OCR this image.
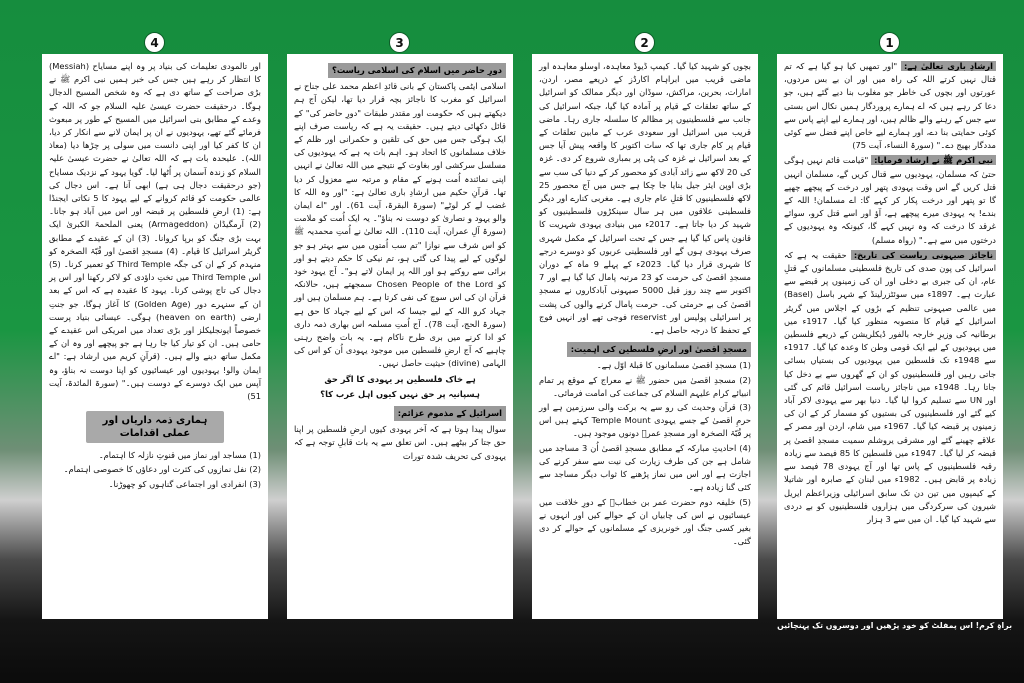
1
2
3
4

ارشادِ باری تعالیٰ ہے: "اور تمھیں کیا ہو گیا ہے کہ تم قتال نہیں کرتے اللہ کی راہ میں اور ان بے بس مردوں، عورتوں اور بچوں کی خاطر جو مغلوب بنا دیے گئے ہیں، جو دعا کر رہے ہیں کہ اے ہمارے پروردگار ہمیں نکال اس بستی سے جس کے رہنے والے ظالم ہیں، اور ہمارے لیے اپنے پاس سے کوئی حمایتی بنا دے، اور ہمارے لیے خاص اپنے فضل سے کوئی مددگار بھیج دے۔" (سورۃ النساء، آیت 75)

نبی اکرم ﷺ نے ارشاد فرمایا: "قیامت قائم نہیں ہوگی حتیٰ کہ مسلمان، یہودیوں سے قتال کریں گے، مسلمان انہیں قتل کریں گے اس وقت یہودی پتھر اور درخت کے پیچھے چھپے گا تو پتھر اور درخت پکار کر کہے گا: اے مسلمان! اللہ کے بندے! یہ یہودی میرے پیچھے ہے، آؤ اور اسے قتل کرو، سوائے غرقد کا درخت کہ وہ نہیں کہے گا، کیونکہ وہ یہودیوں کے درختوں میں سے ہے۔" (رواہ مسلم)

ناجائز صیہونی ریاست کی تاریخ: حقیقت یہ ہے کہ اسرائیل کی پون صدی کی تاریخ فلسطینی مسلمانوں کے قتلِ عام، ان کی جبری بے دخلی اور ان کی زمینوں پر قبضے سے عبارت ہے۔ 1897ء میں سوئٹزرلینڈ کے شہر باسل (Basel) میں عالمی صیہونی تنظیم کے بڑوں کے اجلاس میں گریٹر اسرائیل کے قیام کا منصوبہ منظور کیا گیا۔ 1917ء میں برطانیہ کی وزیرِ خارجہ بالفور ڈیکلریشن کے ذریعے فلسطین میں یہودیوں کے لیے ایک قومی وطن کا وعدہ کیا گیا۔ 1917ء سے 1948ء تک فلسطین میں یہودیوں کی بستیاں بسائی جاتی رہیں اور فلسطینیوں کو ان کے گھروں سے بے دخل کیا جاتا رہا۔ 1948ء میں ناجائز ریاست اسرائیل قائم کی گئی اور UN سے تسلیم کروا لیا گیا۔ دنیا بھر سے یہودی لاکر آباد کیے گئے اور فلسطینیوں کی بستیوں کو مسمار کر کے ان کی زمینوں پر قبضہ کیا گیا۔ 1967ء میں شام، اردن اور مصر کے علاقے چھینے گئے اور مشرقی یروشلم سمیت مسجدِ اقصیٰ پر قبضہ کر لیا گیا۔ 1947ء میں فلسطین کا 85 فیصد سے زیادہ رقبہ فلسطینیوں کے پاس تھا اور آج یہودی 78 فیصد سے زیادہ پر قابض ہیں۔ 1982ء میں لبنان کے صابرہ اور شاتیلا کے کیمپوں میں تین دن تک سابق اسرائیلی وزیراعظم ایریل شیرون کی سرکردگی میں ہزاروں فلسطینیوں کو بے دردی سے شہید کیا گیا۔ ان میں سے 3 ہزار

بچوں کو شہید کیا گیا۔ کیمپ ڈیوڈ معاہدہ، اوسلو معاہدہ اور ماضی قریب میں ابراہام اکارڈز کے ذریعے مصر، اردن، امارات، بحرین، مراکش، سوڈان اور دیگر ممالک کو اسرائیل کے ساتھ تعلقات کے قیام پر آمادہ کیا گیا، جبکہ اسرائیل کی جانب سے فلسطینیوں پر مظالم کا سلسلہ جاری رہا۔ ماضی قریب میں اسرائیل اور سعودی عرب کے مابین تعلقات کے قیام پر کام جاری تھا کہ سات اکتوبر کا واقعہ پیش آیا جس کے بعد اسرائیل نے غزہ کی پٹی پر بمباری شروع کر دی۔ غزہ کی 20 لاکھ سے زائد آبادی کو محصور کر کے دنیا کی سب سے بڑی اوپن ایئر جیل بنایا جا چکا ہے جس میں آج محصور 25 لاکھ فلسطینیوں کا قتلِ عام جاری ہے۔ مغربی کنارے اور دیگر فلسطینی علاقوں میں ہر سال سینکڑوں فلسطینیوں کو شہید کر دیا جاتا ہے۔ 2017ء میں بنیادی یہودی شہریت کا قانون پاس کیا گیا ہے جس کے تحت اسرائیل کے مکمل شہری صرف یہودی ہوں گے اور فلسطینی عربوں کو دوسرے درجے کا شہری قرار دیا گیا۔ 2023ء کے پہلے 9 ماہ کے دوران مسجدِ اقصیٰ کی حرمت کو 23 مرتبہ پامال کیا گیا ہے اور 7 اکتوبر سے چند روز قبل 5000 صیہونی آبادکاروں نے مسجدِ اقصیٰ کی بے حرمتی کی۔ حرمت پامال کرنے والوں کی پشت پر اسرائیلی پولیس اور reservist فوجی تھے اور انہیں فوج کے تحفظ کا درجہ حاصل ہے۔

مسجدِ اقصیٰ اور ارضِ فلسطین کی اہمیت:
(1) مسجدِ اقصیٰ مسلمانوں کا قبلۂ اوّل ہے۔
(2) مسجدِ اقصیٰ میں حضور ﷺ نے معراج کے موقع پر تمام انبیائے کرام علیہم السلام کی جماعت کی امامت فرمائی۔
(3) قرآن وحدیث کی رو سے یہ برکت والی سرزمین ہے اور حرمِ اقصیٰ کے جسے یہودی Temple Mount کہتے ہیں اس پر قُبّۃ الصخرہ اور مسجدِ عمرؓ دونوں موجود ہیں۔
(4) احادیثِ مبارکہ کے مطابق مسجدِ اقصیٰ اُن 3 مساجد میں شامل ہے جن کی طرف زیارت کی نیت سے سفر کرنے کی اجازت ہے اور اس میں نماز پڑھنے کا ثواب دیگر مساجد سے کئی گنا زیادہ ہے۔
(5) خلیفہ دوم حضرت عمر بن خطابؓ کے دورِ خلافت میں عیسائیوں نے اس کی چابیاں ان کے حوالے کیں اور انہوں نے بغیر کسی جنگ اور خونریزی کے مسلمانوں کے حوالے کر دی گئی۔
دورِ حاضر میں اسلام کی اسلامی ریاست؟

اسلامی ایٹمی پاکستان کے بانی قائدِ اعظم محمد علی جناح نے اسرائیل کو مغرب کا ناجائز بچہ قرار دیا تھا، لیکن آج ہم دیکھتے ہیں کہ حکومت اور مقتدر طبقات "دورِ حاضر کی" کے قائل دکھائی دیتے ہیں۔ حقیقت یہ ہے کہ ریاست صرف اپنے ایک ہوگی جس میں حق کی تلقین و حکمرانی اور ظلم کے خلاف مسلمانوں کا اتحاد ہو۔ اہم بات یہ ہے کہ یہودیوں کی مسلسل سرکشی اور بغاوت کے نتیجے میں اللہ تعالیٰ نے انہیں اپنی نمائندہ اُمت ہونے کے مقام و مرتبہ سے معزول کر دیا تھا۔ قرآنِ حکیم میں ارشادِ باری تعالیٰ ہے: "اور وہ اللہ کا غضب لے کر لوٹے" (سورۃ البقرۃ، آیت 61)۔ اور "اے ایمان والو یہود و نصاریٰ کو دوست نہ بناؤ"۔ یہ ایک اُمت کو ملامت (سورۃ آلِ عمران، آیت 110)۔ اللہ تعالیٰ نے اُمتِ محمدیہ ﷺ کو اس شرف سے نوازا "تم سب اُمتوں میں سے بہتر ہو جو لوگوں کے لیے پیدا کی گئی ہو، تم نیکی کا حکم دیتے ہو اور برائی سے روکتے ہو اور اللہ پر ایمان لاتے ہو"۔ آج یہود خود کو Chosen People of the Lord سمجھتے ہیں، حالانکہ قرآن ان کی اس سوچ کی نفی کرتا ہے۔ ہم مسلمان ہیں اور جہاد کرو اللہ کے لیے جیسا کہ اس کے لیے جہاد کا حق ہے (سورۃ الحج، آیت 78)۔ آج اُمتِ مسلمہ اس بھاری ذمہ داری کو ادا کرنے میں بری طرح ناکام ہے۔ یہ بات واضح رہنی چاہیے کہ آج ارضِ فلسطین میں موجود یہودی اُن کو اس کی الہامی (divine) حیثیت حاصل نہیں۔

ہے خاک فلسطین پر یہودی کا اگر حق

ہسپانیہ پر حق نہیں کیوں اہل عرب کا؟

اسرائیل کے مذموم عزائم:

سوال پیدا ہوتا ہے کہ آخر یہودی کیوں ارضِ فلسطین پر اپنا حق جتا کر بیٹھے ہیں۔ اس تعلق سے یہ بات قابلِ توجہ ہے کہ یہودی کی تحریف شدہ تورات

اور تالمودی تعلیمات کی بنیاد پر وہ اپنے مسایاح (Messiah) کا انتظار کر رہے ہیں جس کی خبر ہمیں نبی اکرم ﷺ نے بڑی صراحت کے ساتھ دی ہے کہ وہ شخص المسیح الدجال ہوگا۔ درحقیقت حضرت عیسیٰ علیہ السلام جو کہ اللہ کے وعدے کے مطابق بنی اسرائیل میں المسیح کے طور پر مبعوث فرمائے گئے تھے، یہودیوں نے ان پر ایمان لانے سے انکار کر دیا، ان کا کفر کیا اور اپنی دانست میں سولی پر چڑھا دیا (معاذ اللہ)۔ علیحدہ بات ہے کہ اللہ تعالیٰ نے حضرت عیسیٰ علیہ السلام کو زندہ آسمان پر اُٹھا لیا۔ گویا یہود کے نزدیک مسایاح (جو درحقیقت دجال ہی ہے) ابھی آنا ہے۔ اس دجال کی عالمی حکومت کو قائم کروانے کے لیے یہود کا 5 نکاتی ایجنڈا ہے: (1) ارضِ فلسطین پر قبضہ اور اس میں آباد ہو جانا۔ (2) آرمگیڈان (Armageddon) یعنی الملحمۃ الکبریٰ ایک بہت بڑی جنگ کو برپا کروانا۔ (3) ان کے عقیدے کے مطابق گریٹر اسرائیل کا قیام۔ (4) مسجدِ اقصیٰ اور قُبّۃ الصخرہ کو منہدم کر کے ان کی جگہ Third Temple کو تعمیر کرنا۔ (5) اس Third Temple میں تختِ داؤدی کو لاکر رکھنا اور اس پر دجال کی تاج پوشی کرنا۔ یہود کا عقیدہ ہے کہ اس کے بعد ان کے سنہرے دور (Golden Age) کا آغاز ہوگا، جو جنتِ ارضی (heaven on earth) ہوگی۔ عیسائی بنیاد پرست خصوصاً ایونجلیکلز اور بڑی تعداد میں امریکی اس عقیدے کے حامی ہیں۔ ان کو تیار کیا جا رہا ہے جو پیچھے اور وہ ان کے مکمل ساتھ دینے والے ہیں۔ (قرآنِ کریم میں ارشاد ہے: "اے ایمان والو! یہودیوں اور عیسائیوں کو اپنا دوست نہ بناؤ، وہ آپس میں ایک دوسرے کے دوست ہیں۔" (سورۃ المائدۃ، آیت 51)

ہماری ذمہ داریاں اور عملی اقدامات
(1) مساجد اور نماز میں قنوتِ نازلہ کا اہتمام۔
(2) نفل نمازوں کی کثرت اور دعاؤں کا خصوصی اہتمام۔
(3) انفرادی اور اجتماعی گناہوں کو چھوڑنا۔
براہِ کرم! اس پمفلٹ کو خود پڑھیں اور دوسروں تک پہنچائیں
